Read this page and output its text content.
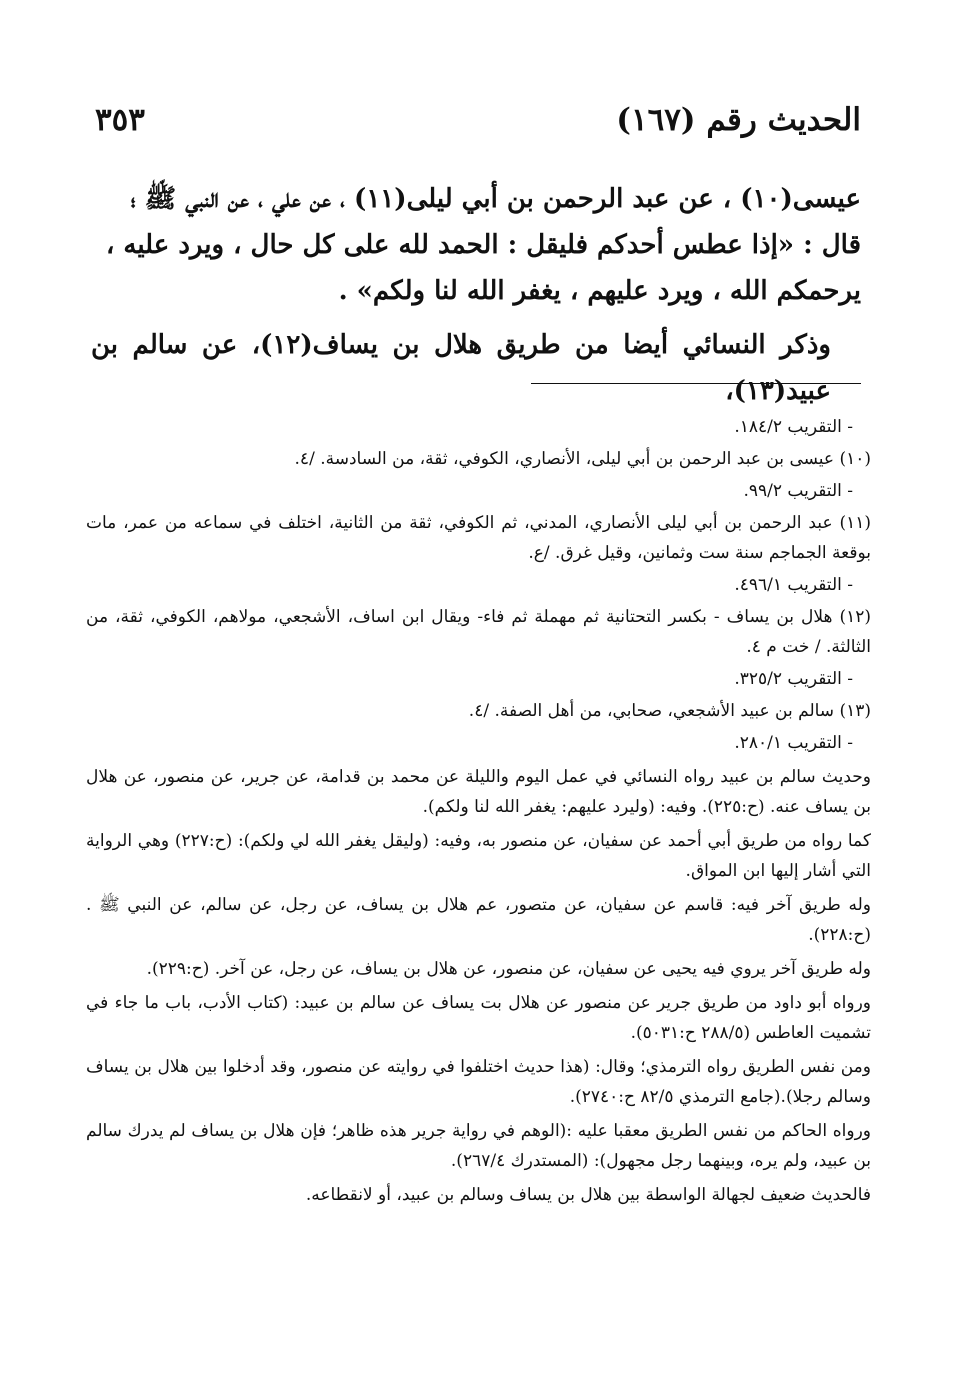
الحديث رقم (١٦٧)
٣٥٣

عيسى(١٠) ، عن عبد الرحمن بن أبي ليلى(١١) ، عن علي ، عن النبي ﷺ ؛

قال : «إذا عطس أحدكم فليقل : الحمد لله على كل حال ، ويرد عليه ،

يرحمكم الله ، ويرد عليهم ، يغفر الله لنا ولكم» .

وذكر النسائي أيضا من طريق هلال بن يساف(١٢)، عن سالم بن عبيد(١٣)،

- التقريب ١٨٤/٢.

(١٠) عيسى بن عبد الرحمن بن أبي ليلى، الأنصاري، الكوفي، ثقة، من السادسة. /٤.

- التقريب ٩٩/٢.

(١١) عبد الرحمن بن أبي ليلى الأنصاري، المدني، ثم الكوفي، ثقة من الثانية، اختلف في سماعه من عمر، مات بوقعة الجماجم سنة ست وثمانين، وقيل غرق. /ع.

- التقريب ٤٩٦/١.

(١٢) هلال بن يساف - بكسر التحتانية ثم مهملة ثم فاء- ويقال ابن اساف، الأشجعي، مولاهم، الكوفي، ثقة، من الثالثة. / خت م ٤.

- التقريب ٣٢٥/٢.

(١٣) سالم بن عبيد الأشجعي، صحابي، من أهل الصفة. /٤.

- التقريب ٢٨٠/١.

وحديث سالم بن عبيد رواه النسائي في عمل اليوم والليلة عن محمد بن قدامة، عن جرير، عن منصور، عن هلال بن يساف عنه. (ح:٢٢٥). وفيه: (وليرد عليهم: يغفر الله لنا ولكم).

كما رواه من طريق أبي أحمد عن سفيان، عن منصور به، وفيه: (وليقل يغفر الله لي ولكم): (ح:٢٢٧) وهي الرواية التي أشار إليها ابن المواق.

وله طريق آخر فيه: قاسم عن سفيان، عن متصور، عم هلال بن يساف، عن رجل، عن سالم، عن النبي ﷺ . (ح:٢٢٨).

وله طريق آخر يروي فيه يحيى عن سفيان، عن منصور، عن هلال بن يساف، عن رجل، عن آخر. (ح:٢٢٩).

ورواه أبو داود من طريق جرير عن منصور عن هلال بت يساف عن سالم بن عبيد: (كتاب الأدب، باب ما جاء في تشميت العاطس (٢٨٨/٥ ح:٥٠٣١).

ومن نفس الطريق رواه الترمذي؛ وقال: (هذا حديث اختلفوا في روايته عن منصور، وقد أدخلوا بين هلال بن يساف وسالم رجلا).(جامع الترمذي ٨٢/٥ ح:٢٧٤٠).

ورواه الحاكم من نفس الطريق معقبا عليه :(الوهم في رواية جرير هذه ظاهر؛ فإن هلال بن يساف لم يدرك سالم بن عبيد، ولم يره، وبينهما رجل مجهول): (المستدرك ٢٦٧/٤).

فالحديث ضعيف لجهالة الواسطة بين هلال بن يساف وسالم بن عبيد، أو لانقطاعه.
